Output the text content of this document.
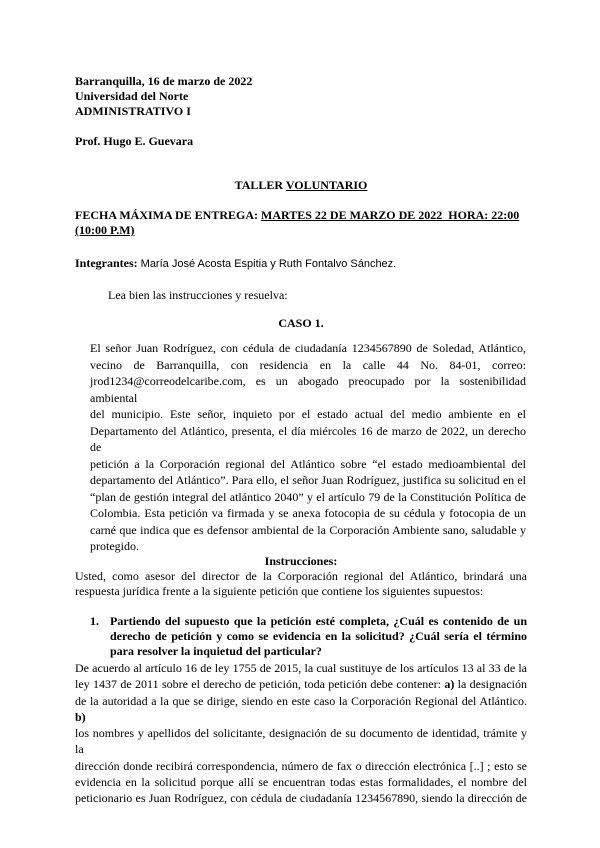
Barranquilla, 16 de marzo de 2022
Universidad del Norte
ADMINISTRATIVO I
Prof. Hugo E. Guevara
TALLER VOLUNTARIO
FECHA MÁXIMA DE ENTREGA: MARTES 22 DE MARZO DE 2022  HORA: 22:00
(10:00 P.M)
Integrantes: María José Acosta Espitia y Ruth Fontalvo Sánchez.
Lea bien las instrucciones y resuelva:
CASO 1.
El señor Juan Rodríguez, con cédula de ciudadanía 1234567890 de Soledad, Atlántico,
vecino de Barranquilla, con residencia en la calle 44 No. 84-01, correo:
jrod1234@correodelcaribe.com, es un abogado preocupado por la sostenibilidad ambiental
del municipio. Este señor, inquieto por el estado actual del medio ambiente en el
Departamento del Atlántico, presenta, el día miércoles 16 de marzo de 2022, un derecho de
petición a la Corporación regional del Atlántico sobre “el estado medioambiental del
departamento del Atlántico”. Para ello, el señor Juan Rodríguez, justifica su solicitud en el
“plan de gestión integral del atlántico 2040” y el artículo 79 de la Constitución Política de
Colombia. Esta petición va firmada y se anexa fotocopia de su cédula y fotocopia de un
carné que indica que es defensor ambiental de la Corporación Ambiente sano, saludable y
protegido.
Instrucciones:
Usted, como asesor del director de la Corporación regional del Atlántico, brindará una
respuesta jurídica frente a la siguiente petición que contiene los siguientes supuestos:
1. Partiendo del supuesto que la petición esté completa, ¿Cuál es contenido de un
derecho de petición y como se evidencia en la solicitud? ¿Cuál sería el término
para resolver la inquietud del particular?
De acuerdo al artículo 16 de ley 1755 de 2015, la cual sustituye de los artículos 13 al 33 de la
ley 1437 de 2011 sobre el derecho de petición, toda petición debe contener: a) la designación
de la autoridad a la que se dirige, siendo en este caso la Corporación Regional del Atlántico. b)
los nombres y apellidos del solicitante, designación de su documento de identidad, trámite y la
dirección donde recibirá correspondencia, número de fax o dirección electrónica [..] ; esto se
evidencia en la solicitud porque allí se encuentran todas estas formalidades, el nombre del
peticionario es Juan Rodríguez, con cédula de ciudadanía 1234567890, siendo la dirección de
